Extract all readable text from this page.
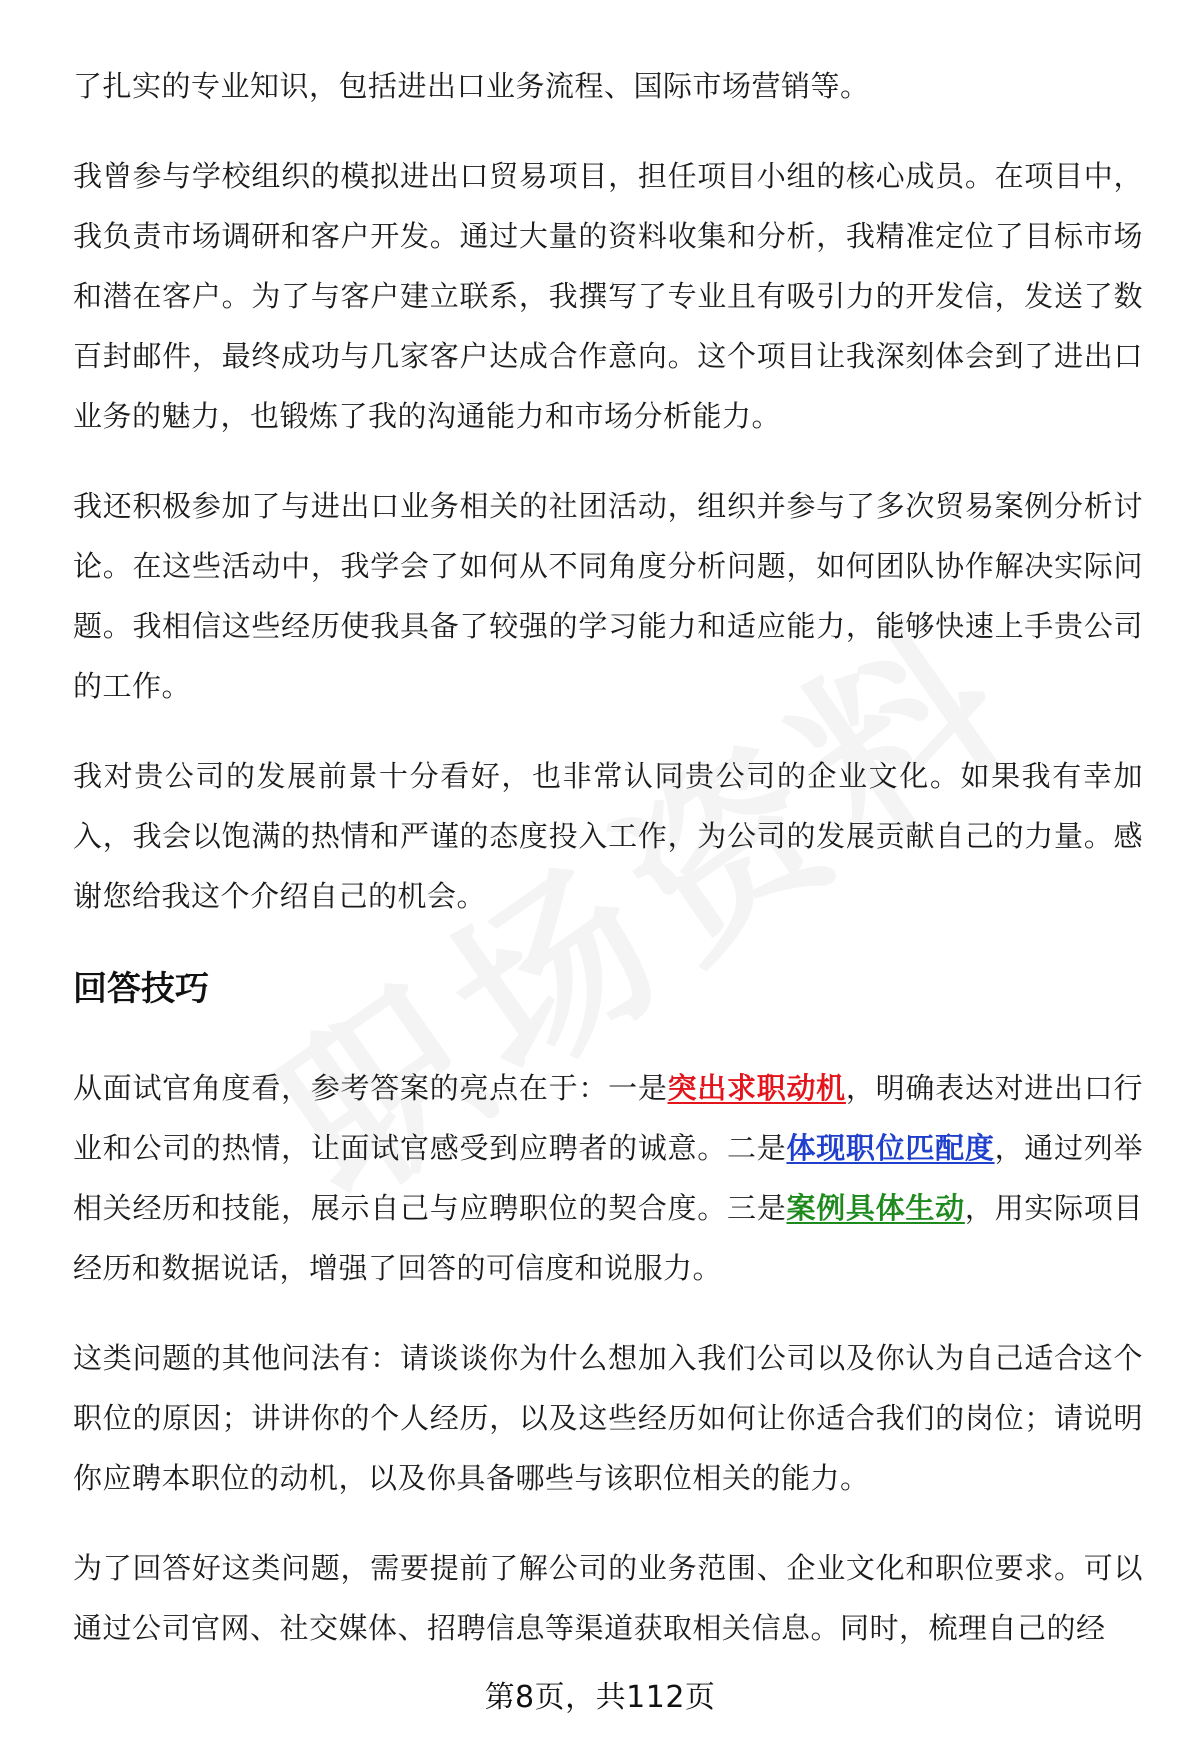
了扎实的专业知识，包括进出口业务流程、国际市场营销等。

我曾参与学校组织的模拟进出口贸易项目，担任项目小组的核心成员。在项目中，我负责市场调研和客户开发。通过大量的资料收集和分析，我精准定位了目标市场和潜在客户。为了与客户建立联系，我撰写了专业且有吸引力的开发信，发送了数百封邮件，最终成功与几家客户达成合作意向。这个项目让我深刻体会到了进出口业务的魅力，也锻炼了我的沟通能力和市场分析能力。

我还积极参加了与进出口业务相关的社团活动，组织并参与了多次贸易案例分析讨论。在这些活动中，我学会了如何从不同角度分析问题，如何团队协作解决实际问题。我相信这些经历使我具备了较强的学习能力和适应能力，能够快速上手贵公司的工作。

我对贵公司的发展前景十分看好，也非常认同贵公司的企业文化。如果我有幸加入，我会以饱满的热情和严谨的态度投入工作，为公司的发展贡献自己的力量。感谢您给我这个介绍自己的机会。

回答技巧

从面试官角度看，参考答案的亮点在于：一是突出求职动机，明确表达对进出口行业和公司的热情，让面试官感受到应聘者的诚意。二是体现职位匹配度，通过列举相关经历和技能，展示自己与应聘职位的契合度。三是案例具体生动，用实际项目经历和数据说话，增强了回答的可信度和说服力。

这类问题的其他问法有：请谈谈你为什么想加入我们公司以及你认为自己适合这个职位的原因；讲讲你的个人经历，以及这些经历如何让你适合我们的岗位；请说明你应聘本职位的动机，以及你具备哪些与该职位相关的能力。

为了回答好这类问题，需要提前了解公司的业务范围、企业文化和职位要求。可以通过公司官网、社交媒体、招聘信息等渠道获取相关信息。同时，梳理自己的经

第8页，共112页
